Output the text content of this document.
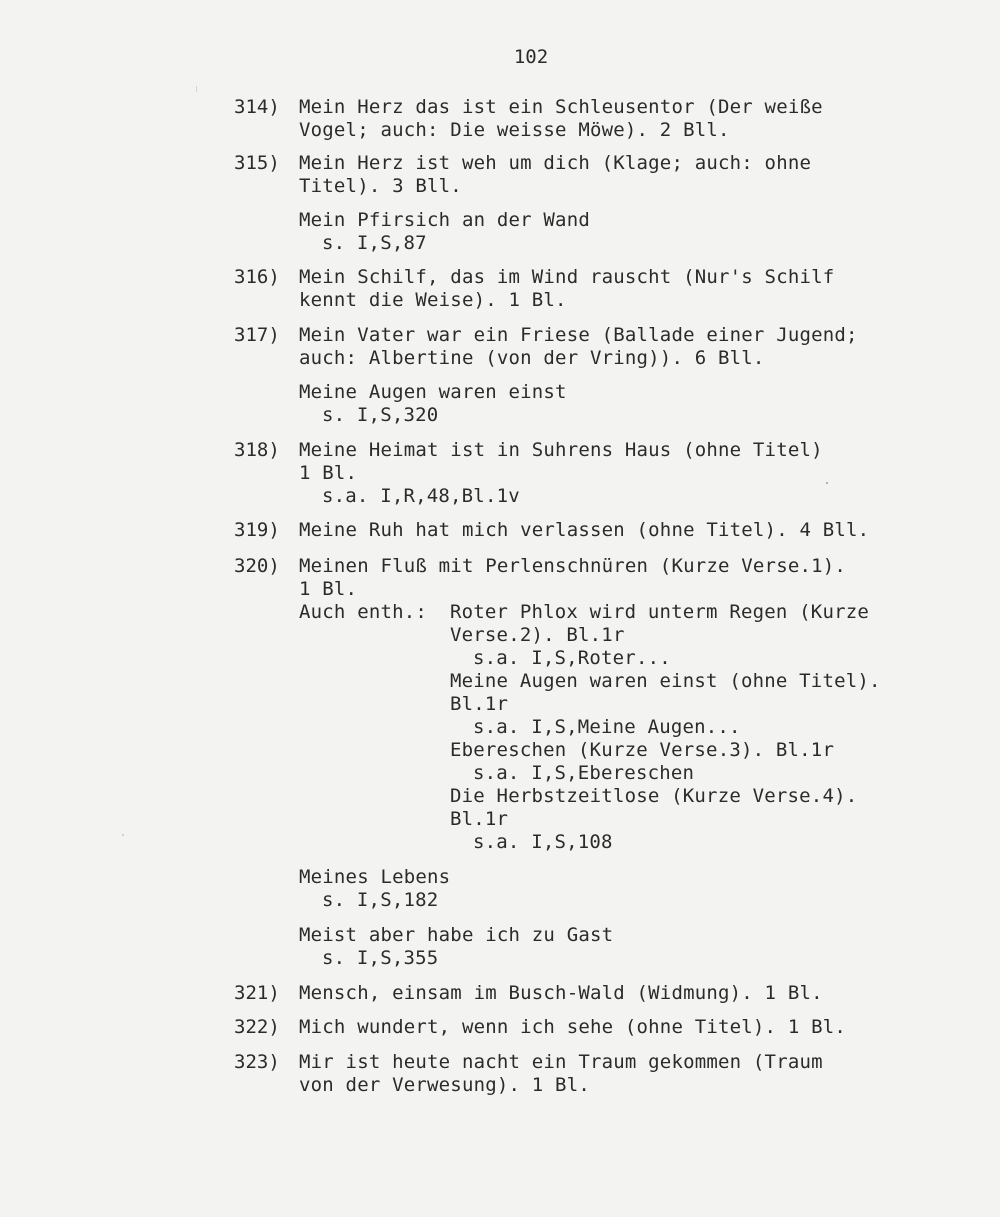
102
314) Mein Herz das ist ein Schleusentor (Der weiße
Vogel; auch: Die weisse Möwe). 2 Bll.
315) Mein Herz ist weh um dich (Klage; auch: ohne
Titel). 3 Bll.
Mein Pfirsich an der Wand
s. I,S,87
316) Mein Schilf, das im Wind rauscht (Nur's Schilf
kennt die Weise). 1 Bl.
317) Mein Vater war ein Friese (Ballade einer Jugend;
auch: Albertine (von der Vring)). 6 Bll.
Meine Augen waren einst
s. I,S,320
318) Meine Heimat ist in Suhrens Haus (ohne Titel)
1 Bl.
s.a. I,R,48,Bl.1v
319) Meine Ruh hat mich verlassen (ohne Titel). 4 Bll.
320) Meinen Fluß mit Perlenschnüren (Kurze Verse.1).
1 Bl.
Auch enth.: Roter Phlox wird unterm Regen (Kurze
Verse.2). Bl.1r
s.a. I,S,Roter...
Meine Augen waren einst (ohne Titel).
Bl.1r
s.a. I,S,Meine Augen...
Ebereschen (Kurze Verse.3). Bl.1r
s.a. I,S,Ebereschen
Die Herbstzeitlose (Kurze Verse.4).
Bl.1r
s.a. I,S,108
Meines Lebens
s. I,S,182
Meist aber habe ich zu Gast
s. I,S,355
321) Mensch, einsam im Busch-Wald (Widmung). 1 Bl.
322) Mich wundert, wenn ich sehe (ohne Titel). 1 Bl.
323) Mir ist heute nacht ein Traum gekommen (Traum
von der Verwesung). 1 Bl.
